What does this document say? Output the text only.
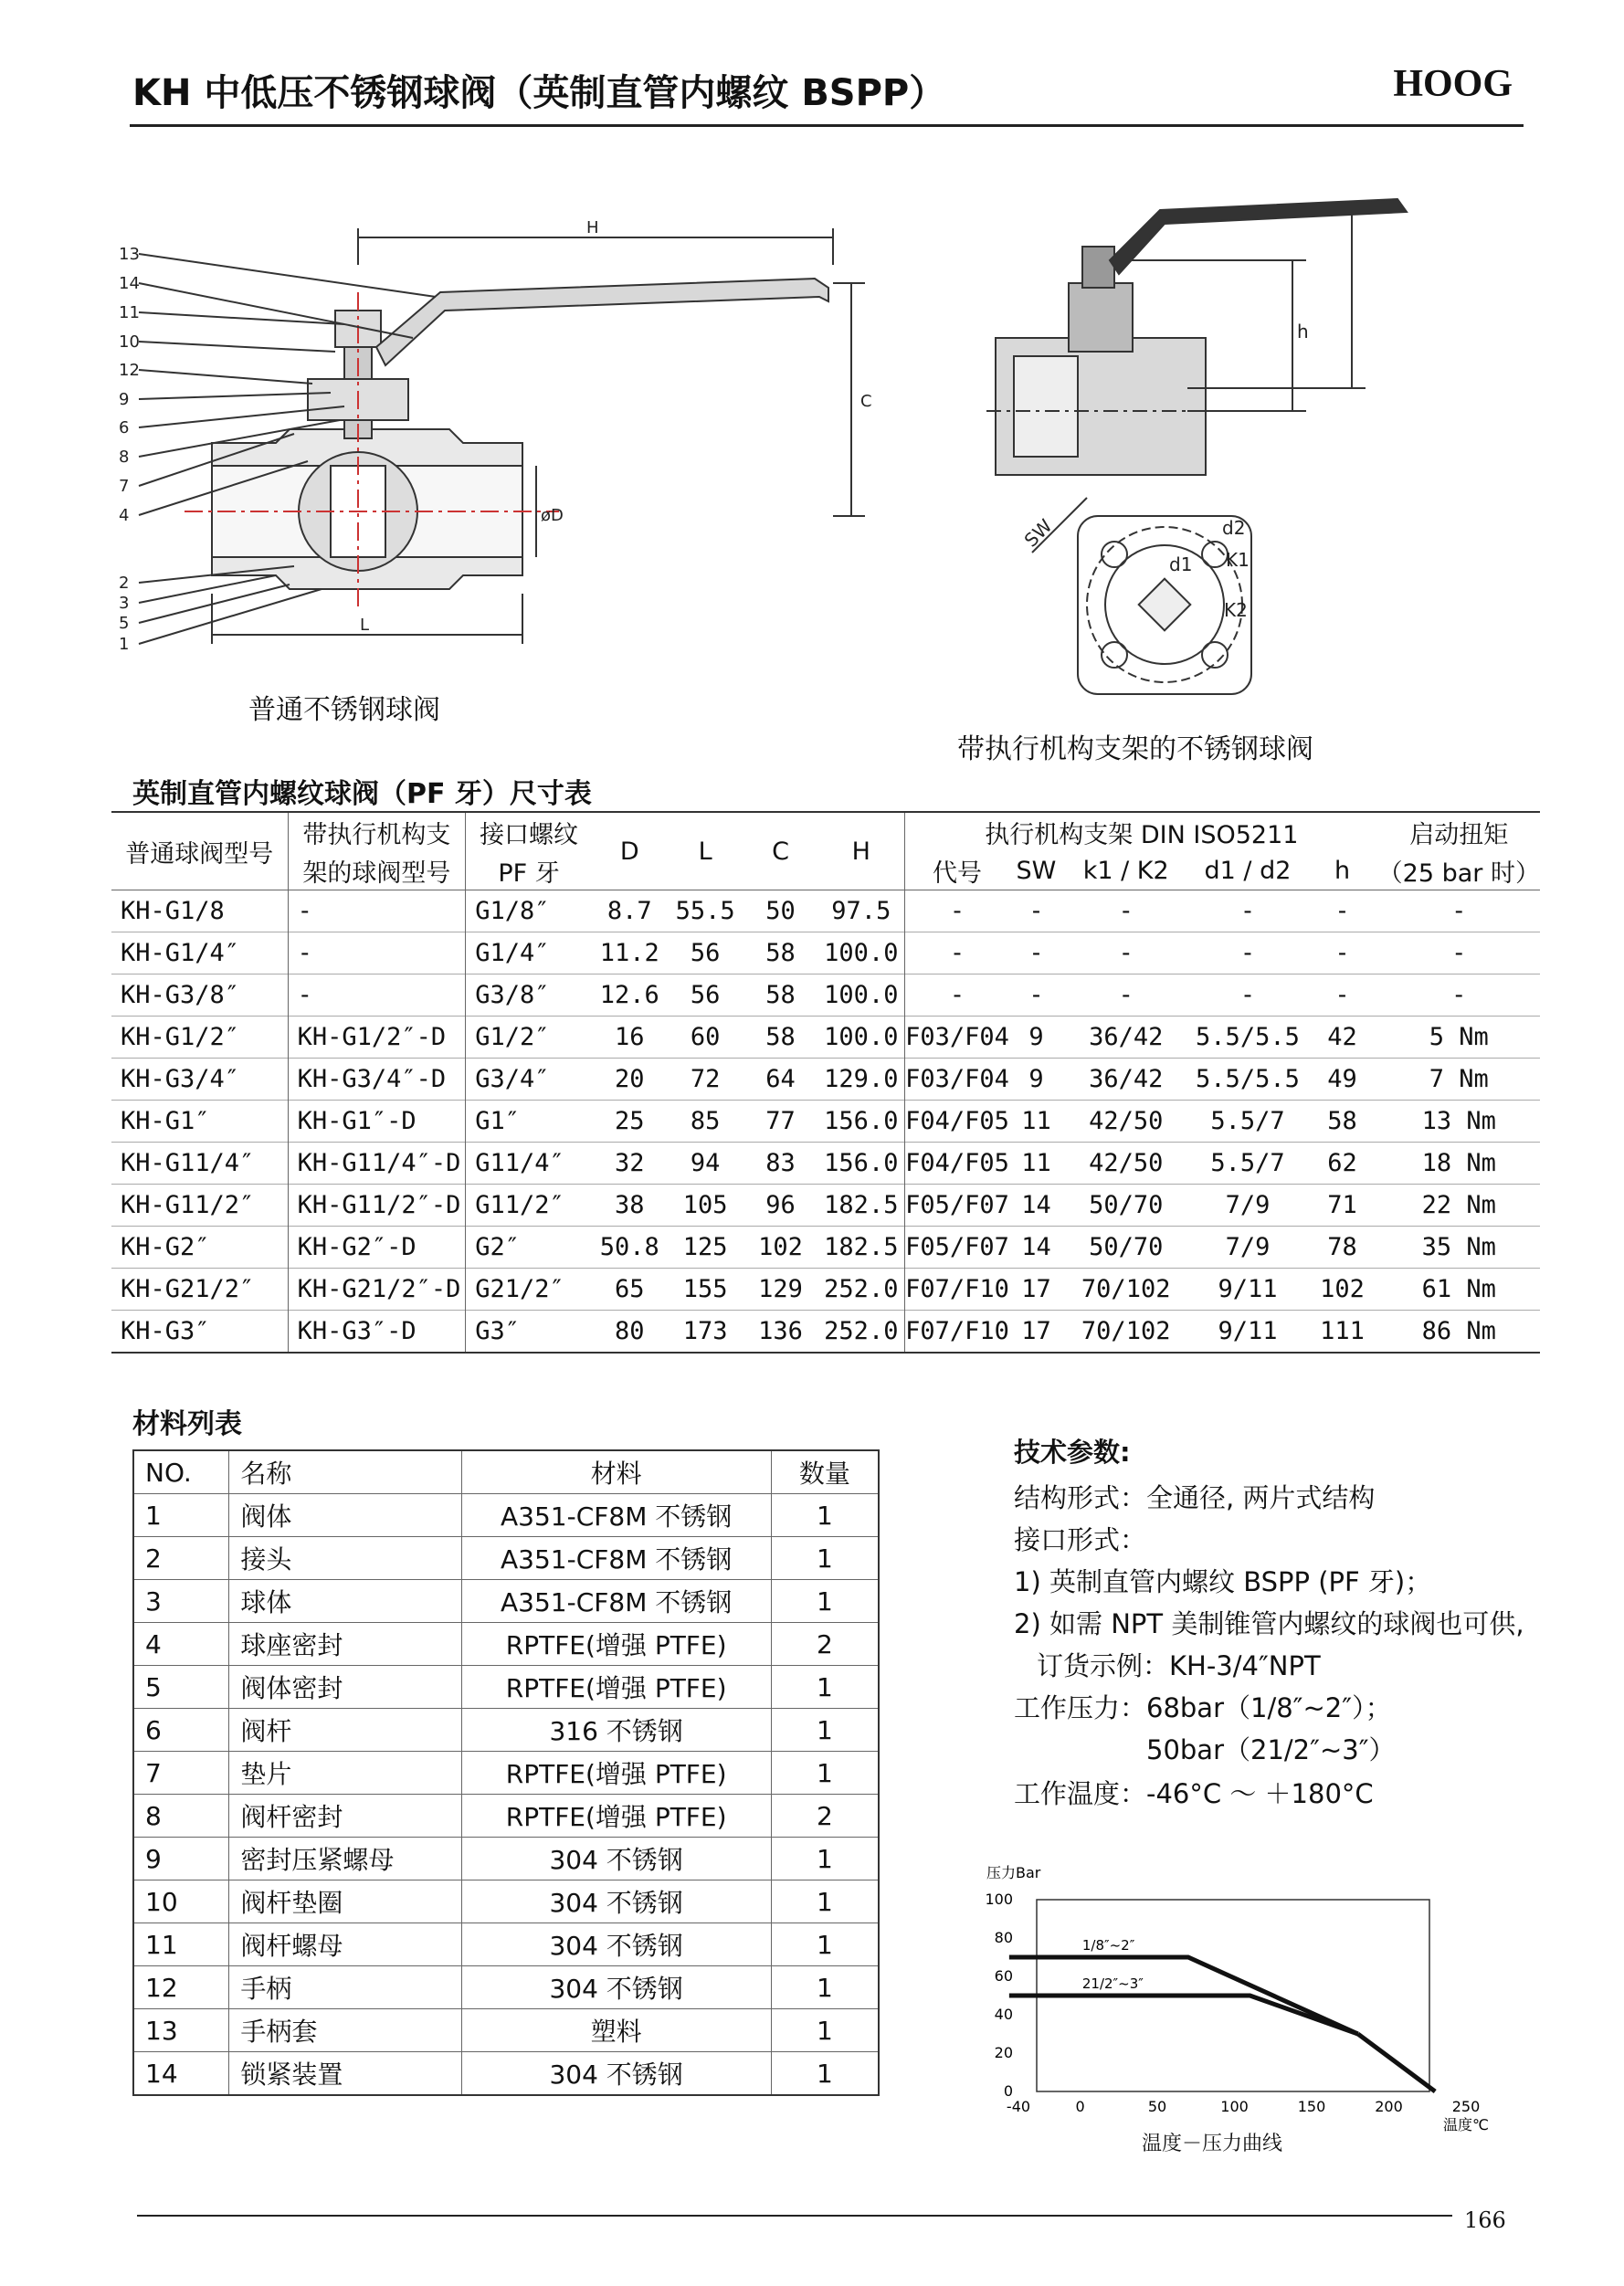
KH 中低压不锈钢球阀（英制直管内螺纹 BSPP）	HOOG
13
14
11
10
12
9
6
8
7
4
2
3
5
1
H
C
L
øD
普通不锈钢球阀
h
SW
d1
d2
K1
K2
带执行机构支架的不锈钢球阀
英制直管内螺纹球阀（PF 牙）尺寸表
普通球阀型号	带执行机构支	接口螺纹	D	L	C	H	执行机构支架 DIN ISO5211					启动扭矩
	架的球阀型号	PF 牙					代号	SW	k1 / K2	d1 / d2	h	（25 bar 时）
KH-G1/8	-	G1/8″	8.7	55.5	50	97.5	-	-	-	-	-	-
KH-G1/4″	-	G1/4″	11.2	56	58	100.0	-	-	-	-	-	-
KH-G3/8″	-	G3/8″	12.6	56	58	100.0	-	-	-	-	-	-
KH-G1/2″	KH-G1/2″-D	G1/2″	16	60	58	100.0	F03/F04	9	36/42	5.5/5.5	42	5 Nm
KH-G3/4″	KH-G3/4″-D	G3/4″	20	72	64	129.0	F03/F04	9	36/42	5.5/5.5	49	7 Nm
KH-G1″	KH-G1″-D	G1″	25	85	77	156.0	F04/F05	11	42/50	5.5/7	58	13 Nm
KH-G11/4″	KH-G11/4″-D	G11/4″	32	94	83	156.0	F04/F05	11	42/50	5.5/7	62	18 Nm
KH-G11/2″	KH-G11/2″-D	G11/2″	38	105	96	182.5	F05/F07	14	50/70	7/9	71	22 Nm
KH-G2″	KH-G2″-D	G2″	50.8	125	102	182.5	F05/F07	14	50/70	7/9	78	35 Nm
KH-G21/2″	KH-G21/2″-D	G21/2″	65	155	129	252.0	F07/F10	17	70/102	9/11	102	61 Nm
KH-G3″	KH-G3″-D	G3″	80	173	136	252.0	F07/F10	17	70/102	9/11	111	86 Nm
材料列表
NO.	名称	材料	数量
1	阀体	A351-CF8M 不锈钢	1
2	接头	A351-CF8M 不锈钢	1
3	球体	A351-CF8M 不锈钢	1
4	球座密封	RPTFE(增强 PTFE)	2
5	阀体密封	RPTFE(增强 PTFE)	1
6	阀杆	316 不锈钢	1
7	垫片	RPTFE(增强 PTFE)	1
8	阀杆密封	RPTFE(增强 PTFE)	2
9	密封压紧螺母	304 不锈钢	1
10	阀杆垫圈	304 不锈钢	1
11	阀杆螺母	304 不锈钢	1
12	手柄	304 不锈钢	1
13	手柄套	塑料	1
14	锁紧装置	304 不锈钢	1
技术参数:
结构形式：全通径, 两片式结构
接口形式：
1) 英制直管内螺纹 BSPP (PF 牙)；
2) 如需 NPT 美制锥管内螺纹的球阀也可供,
订货示例：KH-3/4″NPT
工作压力：68bar（1/8″~2″）；
50bar（21/2″~3″）
工作温度：-46°C ～ ＋180°C
压力Bar
温度℃
0
20
40
60
80
100
-40	0	50	100	150	200	250
1/8″~2″
21/2″~3″
温度－压力曲线
166
